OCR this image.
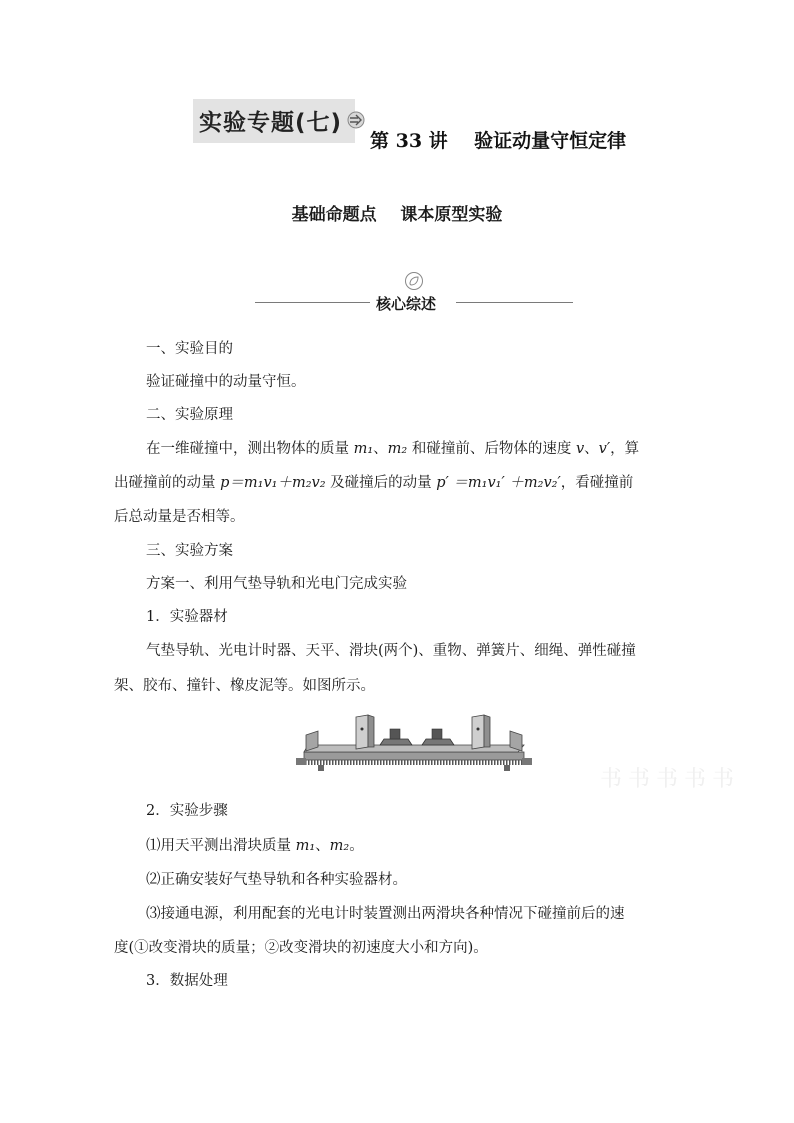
实验专题(七)
第 33 讲    验证动量守恒定律
基础命题点    课本原型实验
核心综述
一、实验目的
验证碰撞中的动量守恒。
二、实验原理
在一维碰撞中，测出物体的质量 m₁、m₂ 和碰撞前、后物体的速度 v、v′，算
出碰撞前的动量 p＝m₁v₁＋m₂v₂ 及碰撞后的动量 p′ ＝m₁v₁′ ＋m₂v₂′，看碰撞前
后总动量是否相等。
三、实验方案
方案一、利用气垫导轨和光电门完成实验
1．实验器材
气垫导轨、光电计时器、天平、滑块(两个)、重物、弹簧片、细绳、弹性碰撞
架、胶布、撞针、橡皮泥等。如图所示。
书书书书书
2．实验步骤
⑴用天平测出滑块质量 m₁、m₂。
⑵正确安装好气垫导轨和各种实验器材。
⑶接通电源，利用配套的光电计时装置测出两滑块各种情况下碰撞前后的速
度(①改变滑块的质量；②改变滑块的初速度大小和方向)。
3．数据处理
